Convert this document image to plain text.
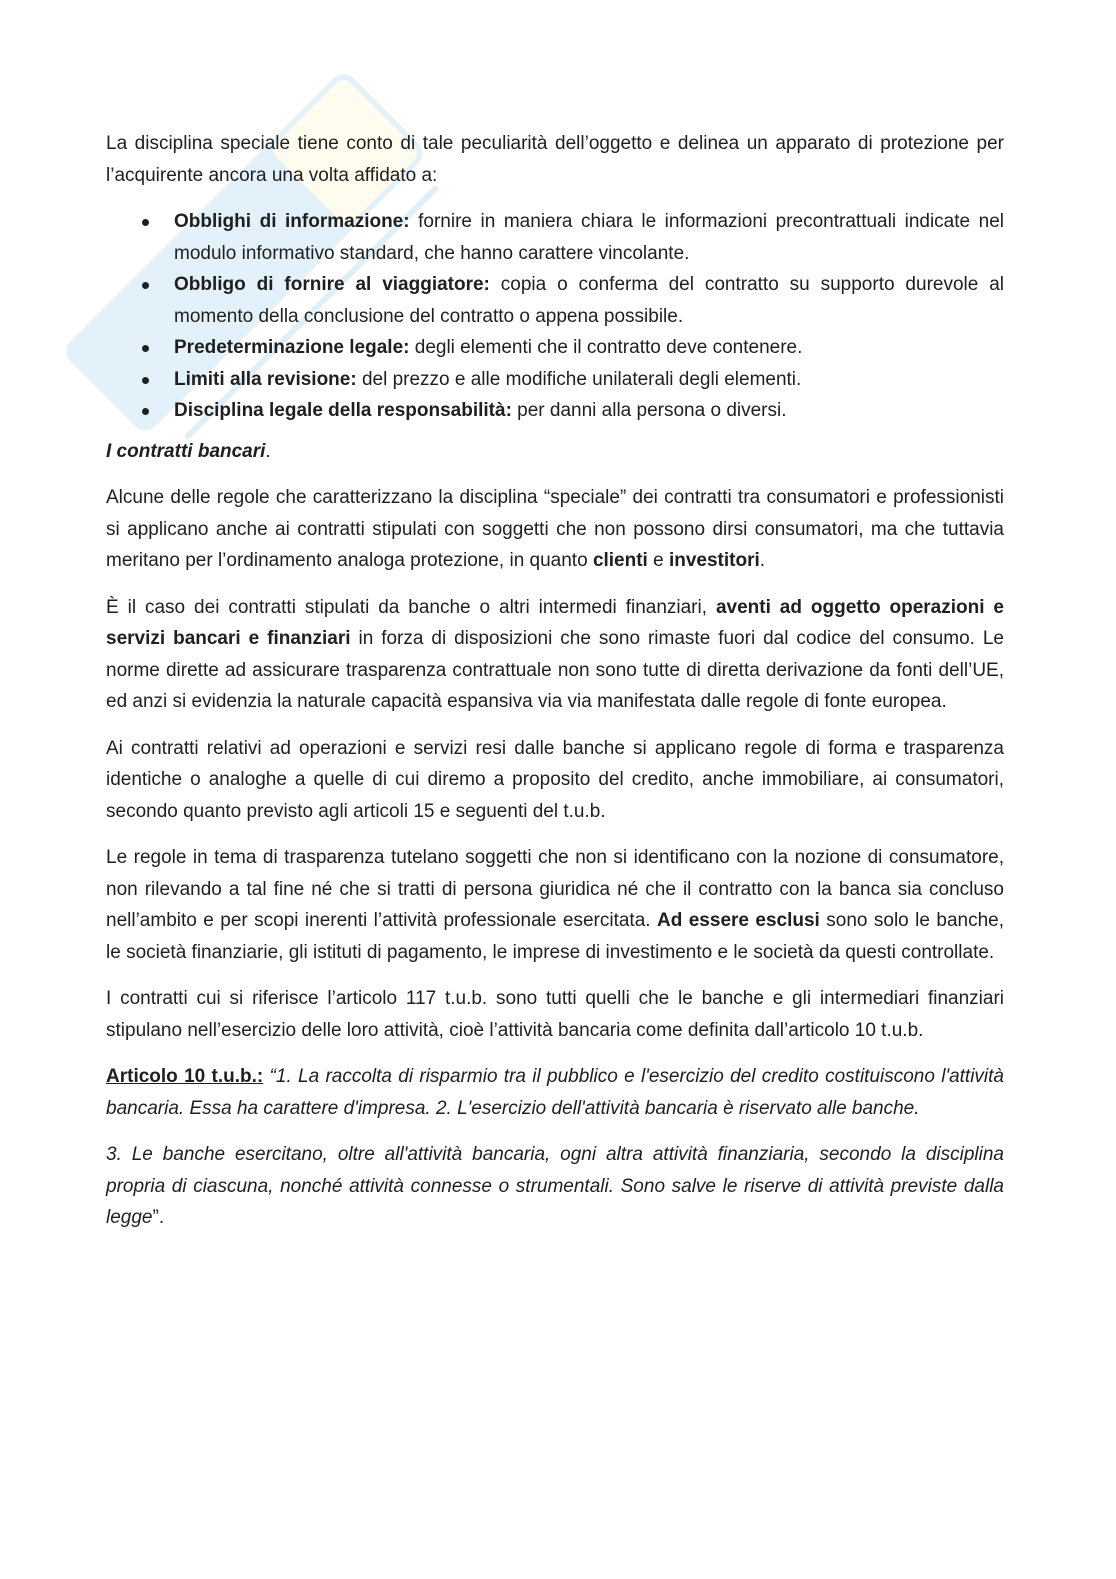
La disciplina speciale tiene conto di tale peculiarità dell’oggetto e delinea un apparato di protezione per l’acquirente ancora una volta affidato a:

Obblighi di informazione: fornire in maniera chiara le informazioni precontrattuali indicate nel modulo informativo standard, che hanno carattere vincolante.
Obbligo di fornire al viaggiatore: copia o conferma del contratto su supporto durevole al momento della conclusione del contratto o appena possibile.
Predeterminazione legale: degli elementi che il contratto deve contenere.
Limiti alla revisione: del prezzo e alle modifiche unilaterali degli elementi.
Disciplina legale della responsabilità: per danni alla persona o diversi.

I contratti bancari.

Alcune delle regole che caratterizzano la disciplina “speciale” dei contratti tra consumatori e professionisti si applicano anche ai contratti stipulati con soggetti che non possono dirsi consumatori, ma che tuttavia meritano per l’ordinamento analoga protezione, in quanto clienti e investitori.

È il caso dei contratti stipulati da banche o altri intermedi finanziari, aventi ad oggetto operazioni e servizi bancari e finanziari in forza di disposizioni che sono rimaste fuori dal codice del consumo. Le norme dirette ad assicurare trasparenza contrattuale non sono tutte di diretta derivazione da fonti dell’UE, ed anzi si evidenzia la naturale capacità espansiva via via manifestata dalle regole di fonte europea.

Ai contratti relativi ad operazioni e servizi resi dalle banche si applicano regole di forma e trasparenza identiche o analoghe a quelle di cui diremo a proposito del credito, anche immobiliare, ai consumatori, secondo quanto previsto agli articoli 15 e seguenti del t.u.b.

Le regole in tema di trasparenza tutelano soggetti che non si identificano con la nozione di consumatore, non rilevando a tal fine né che si tratti di persona giuridica né che il contratto con la banca sia concluso nell’ambito e per scopi inerenti l’attività professionale esercitata. Ad essere esclusi sono solo le banche, le società finanziarie, gli istituti di pagamento, le imprese di investimento e le società da questi controllate.

I contratti cui si riferisce l’articolo 117 t.u.b. sono tutti quelli che le banche e gli intermediari finanziari stipulano nell’esercizio delle loro attività, cioè l’attività bancaria come definita dall’articolo 10 t.u.b.

Articolo 10 t.u.b.: “1. La raccolta di risparmio tra il pubblico e l'esercizio del credito costituiscono l'attività bancaria. Essa ha carattere d'impresa. 2. L'esercizio dell'attività bancaria è riservato alle banche.

3. Le banche esercitano, oltre all'attività bancaria, ogni altra attività finanziaria, secondo la disciplina propria di ciascuna, nonché attività connesse o strumentali. Sono salve le riserve di attività previste dalla legge”.
